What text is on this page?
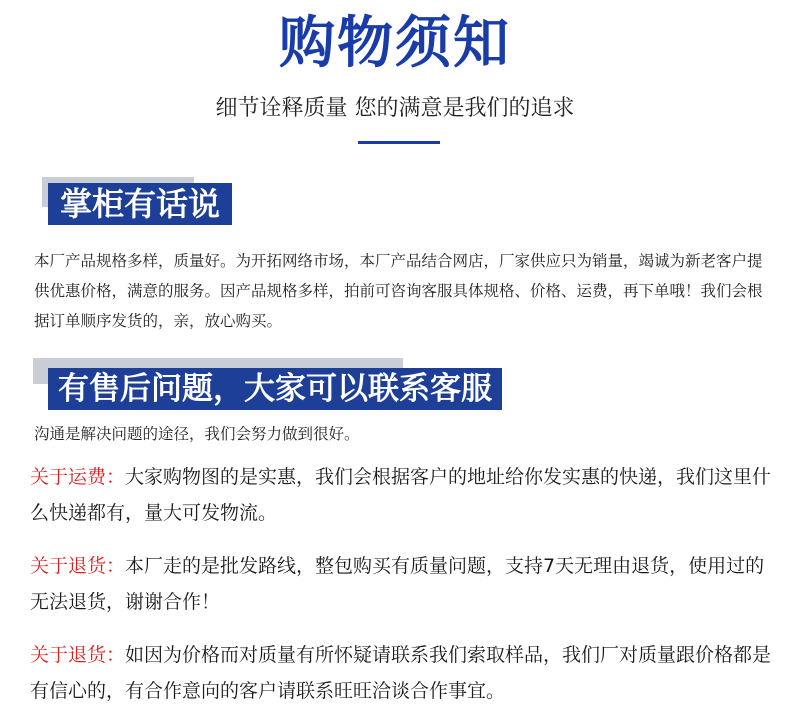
购物须知
细节诠释质量 您的满意是我们的追求
掌柜有话说
本厂产品规格多样，质量好。为开拓网络市场，本厂产品结合网店，厂家供应只为销量，竭诚为新老客户提供优惠价格，满意的服务。因产品规格多样，拍前可咨询客服具体规格、价格、运费，再下单哦！我们会根据订单顺序发货的，亲，放心购买。
有售后问题，大家可以联系客服
沟通是解决问题的途径，我们会努力做到很好。
关于运费：大家购物图的是实惠，我们会根据客户的地址给你发实惠的快递，我们这里什么快递都有，量大可发物流。
关于退货：本厂走的是批发路线，整包购买有质量问题，支持7天无理由退货，使用过的无法退货，谢谢合作！
关于退货：如因为价格而对质量有所怀疑请联系我们索取样品，我们厂对质量跟价格都是有信心的，有合作意向的客户请联系旺旺洽谈合作事宜。
